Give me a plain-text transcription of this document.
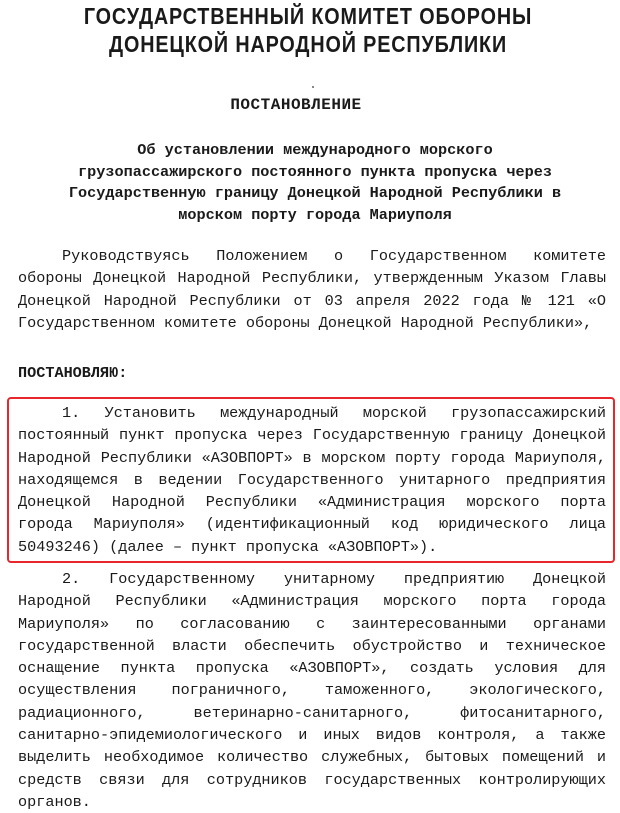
ГОСУДАРСТВЕННЫЙ КОМИТЕТ ОБОРОНЫ
ДОНЕЦКОЙ НАРОДНОЙ РЕСПУБЛИКИ
ПОСТАНОВЛЕНИЕ
Об установлении международного морского
грузопассажирского постоянного пункта пропуска через
Государственную границу Донецкой Народной Республики в
морском порту города Мариуполя
Руководствуясь Положением о Государственном комитете обороны Донецкой Народной Республики, утвержденным Указом Главы Донецкой Народной Республики от 03 апреля 2022 года № 121 «О Государственном комитете обороны Донецкой Народной Республики»,
ПОСТАНОВЛЯЮ:
1. Установить международный морской грузопассажирский постоянный пункт пропуска через Государственную границу Донецкой Народной Республики «АЗОВПОРТ» в морском порту города Мариуполя, находящемся в ведении Государственного унитарного предприятия Донецкой Народной Республики «Администрация морского порта города Мариуполя» (идентификационный код юридического лица 50493246) (далее – пункт пропуска «АЗОВПОРТ»).
2. Государственному унитарному предприятию Донецкой Народной Республики «Администрация морского порта города Мариуполя» по согласованию с заинтересованными органами государственной власти обеспечить обустройство и техническое оснащение пункта пропуска «АЗОВПОРТ», создать условия для осуществления пограничного, таможенного, экологического, радиационного, ветеринарно-санитарного, фитосанитарного, санитарно-эпидемиологического и иных видов контроля, а также выделить необходимое количество служебных, бытовых помещений и средств связи для сотрудников государственных контролирующих органов.
